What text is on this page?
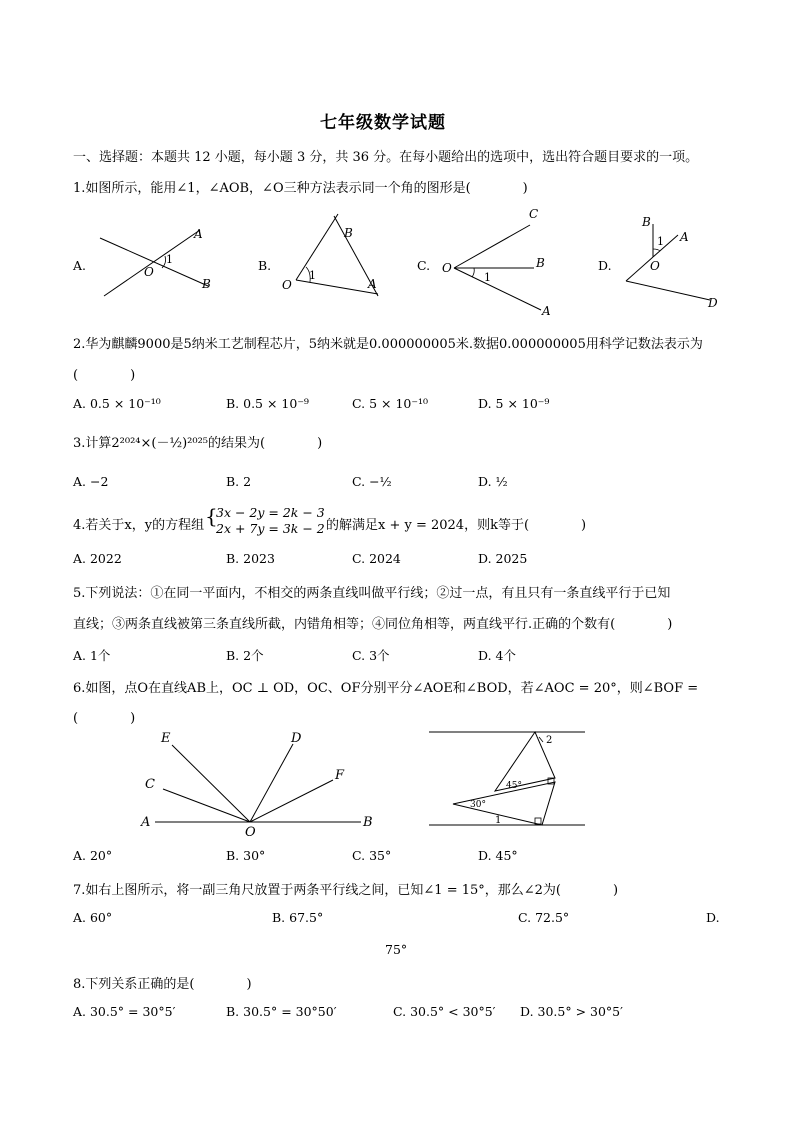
七年级数学试题
一、选择题：本题共 12 小题，每小题 3 分，共 36 分。在每小题给出的选项中，选出符合题目要求的一项。
1.如图所示，能用∠1，∠AOB，∠O三种方法表示同一个角的图形是(　　　　)
A.	B.	C.	D.
A
O
1
B
B
O
1
A
C
O
1
B
A
B
1 A
O
D
2.华为麒麟9000是5纳米工艺制程芯片，5纳米就是0.000000005米.数据0.000000005用科学记数法表示为
(　　　　)
A. 0.5 × 10⁻¹⁰	B. 0.5 × 10⁻⁹	C. 5 × 10⁻¹⁰	D. 5 × 10⁻⁹
3.计算2²⁰²⁴×(－½)²⁰²⁵的结果为(　　　　)
A. −2	B. 2	C. −½	D. ½
4.若关于x，y的方程组 {
3x − 2y = 2k − 3
2x + 7y = 3k − 2 的解满足x + y = 2024，则k等于(　　　　)
A. 2022	B. 2023	C. 2024	D. 2025
5.下列说法：①在同一平面内，不相交的两条直线叫做平行线；②过一点，有且只有一条直线平行于已知
直线；③两条直线被第三条直线所截，内错角相等；④同位角相等，两直线平行.正确的个数有(　　　　)
A. 1个	B. 2个	C. 3个	D. 4个
6.如图，点O在直线AB上，OC ⊥ OD，OC、OF分别平分∠AOE和∠BOD，若∠AOC = 20°，则∠BOF =
(　　　　)
E	D
C
F
A
O
B
2
45°
30°
1
A. 20°	B. 30°	C. 35°	D. 45°
7.如右上图所示，将一副三角尺放置于两条平行线之间，已知∠1 = 15°，那么∠2为(　　　　)
A. 60°	B. 67.5°	C. 72.5°	D.
75°
8.下列关系正确的是(　　　　)
A. 30.5° = 30°5′	B. 30.5° = 30°50′	C. 30.5° < 30°5′ D. 30.5° > 30°5′
